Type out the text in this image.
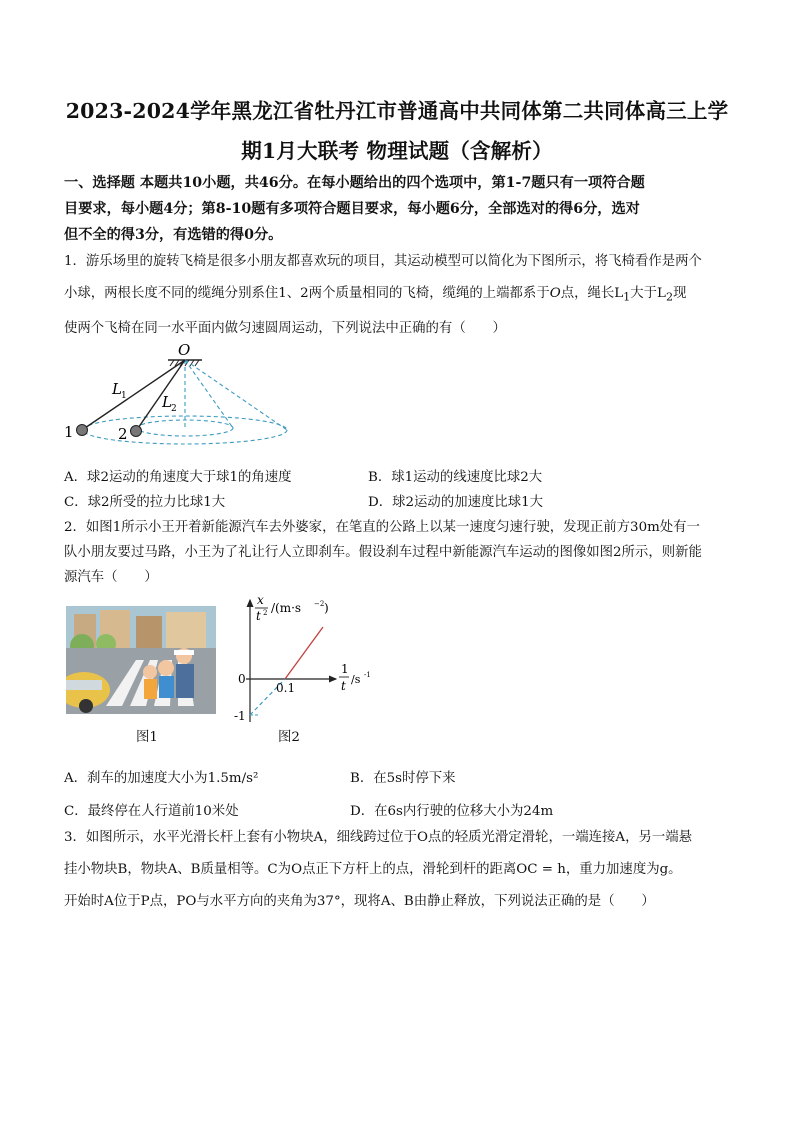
2023-2024学年黑龙江省牡丹江市普通高中共同体第二共同体高三上学
期1月大联考 物理试题（含解析）
一、选择题 本题共10小题，共46分。在每小题给出的四个选项中，第1-7题只有一项符合题
目要求，每小题4分；第8-10题有多项符合题目要求，每小题6分，全部选对的得6分，选对
但不全的得3分，有选错的得0分。
1．游乐场里的旋转飞椅是很多小朋友都喜欢玩的项目，其运动模型可以简化为下图所示，将飞椅看作是两个
小球，两根长度不同的缆绳分别系住1、2两个质量相同的飞椅，缆绳的上端都系于O点，绳长$L_1$大于$L_2$现
使两个飞椅在同一水平面内做匀速圆周运动，下列说法中正确的有（　　）
O
1	2
L 1 L 2
A．球2运动的角速度大于球1的角速度	B．球1运动的线速度比球2大
C．球2所受的拉力比球1大	D．球2运动的加速度比球1大
2．如图1所示小王开着新能源汽车去外婆家，在笔直的公路上以某一速度匀速行驶，发现正前方30m处有一
队小朋友要过马路，小王为了礼让行人立即刹车。假设刹车过程中新能源汽车运动的图像如图2所示，则新能
源汽车（　　）
图1
x
t 2 /(m·s −2 )
1
t /s -1
0
0.1
-1
图2
A．刹车的加速度大小为1.5m/s²	B．在5s时停下来
C．最终停在人行道前10米处	D．在6s内行驶的位移大小为24m
3．如图所示，水平光滑长杆上套有小物块A，细线跨过位于O点的轻质光滑定滑轮，一端连接A，另一端悬
挂小物块B，物块A、B质量相等。C为O点正下方杆上的点，滑轮到杆的距离OC = h，重力加速度为g。
开始时A位于P点，PO与水平方向的夹角为37°，现将A、B由静止释放，下列说法正确的是（　　）
